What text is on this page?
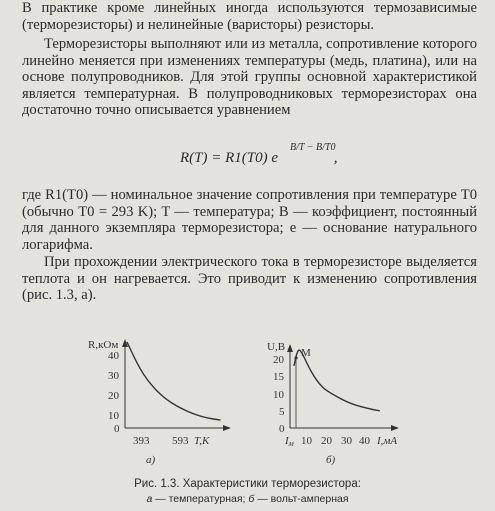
В практике кроме линейных иногда используются термозависимые (терморезисторы) и нелинейные (варисторы) резисторы.
Терморезисторы выполняют или из металла, сопротивление которого линейно меняется при изменениях температуры (медь, платина), или на основе полупроводников. Для этой группы основной характеристикой является температурная. В полупроводниковых терморезисторах она достаточно точно описывается уравнением
R(T) = R1(T0) e
B/T − B/T0
,
где R1(T0) — номинальное значение сопротивления при температуре T0 (обычно T0 = 293 K); T — температура; B — коэффициент, постоянный для данного экземпляра терморезистора; e — основание натурального логарифма.
При прохождении электрического тока в терморезисторе выделяется теплота и он нагревается. Это приводит к изменению сопротивления (рис. 1.3, а).
R,кОм
40
30
20
10
0
393 593 T,K
а)
U,В
20
15
10
5
0
M
Iм 10 20 30 40 I,мА
б)
Рис. 1.3. Характеристики терморезистора:
а — температурная; б — вольт-амперная
